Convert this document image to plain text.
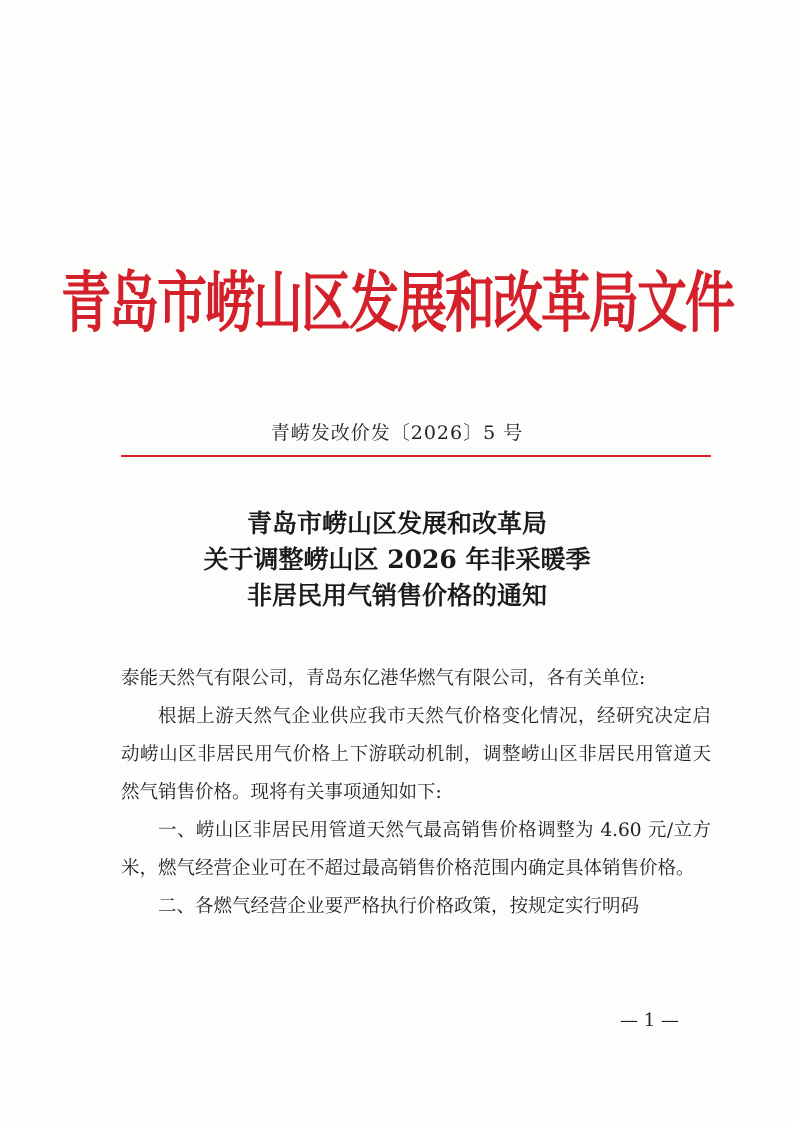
青岛市崂山区发展和改革局文件
青崂发改价发〔2026〕5 号
青岛市崂山区发展和改革局
关于调整崂山区 2026 年非采暖季
非居民用气销售价格的通知

泰能天然气有限公司，青岛东亿港华燃气有限公司，各有关单位:

根据上游天然气企业供应我市天然气价格变化情况，经研究决定启动崂山区非居民用气价格上下游联动机制，调整崂山区非居民用管道天然气销售价格。现将有关事项通知如下:

一、崂山区非居民用管道天然气最高销售价格调整为 4.60 元/立方米，燃气经营企业可在不超过最高销售价格范围内确定具体销售价格。

二、各燃气经营企业要严格执行价格政策，按规定实行明码

— 1 —
